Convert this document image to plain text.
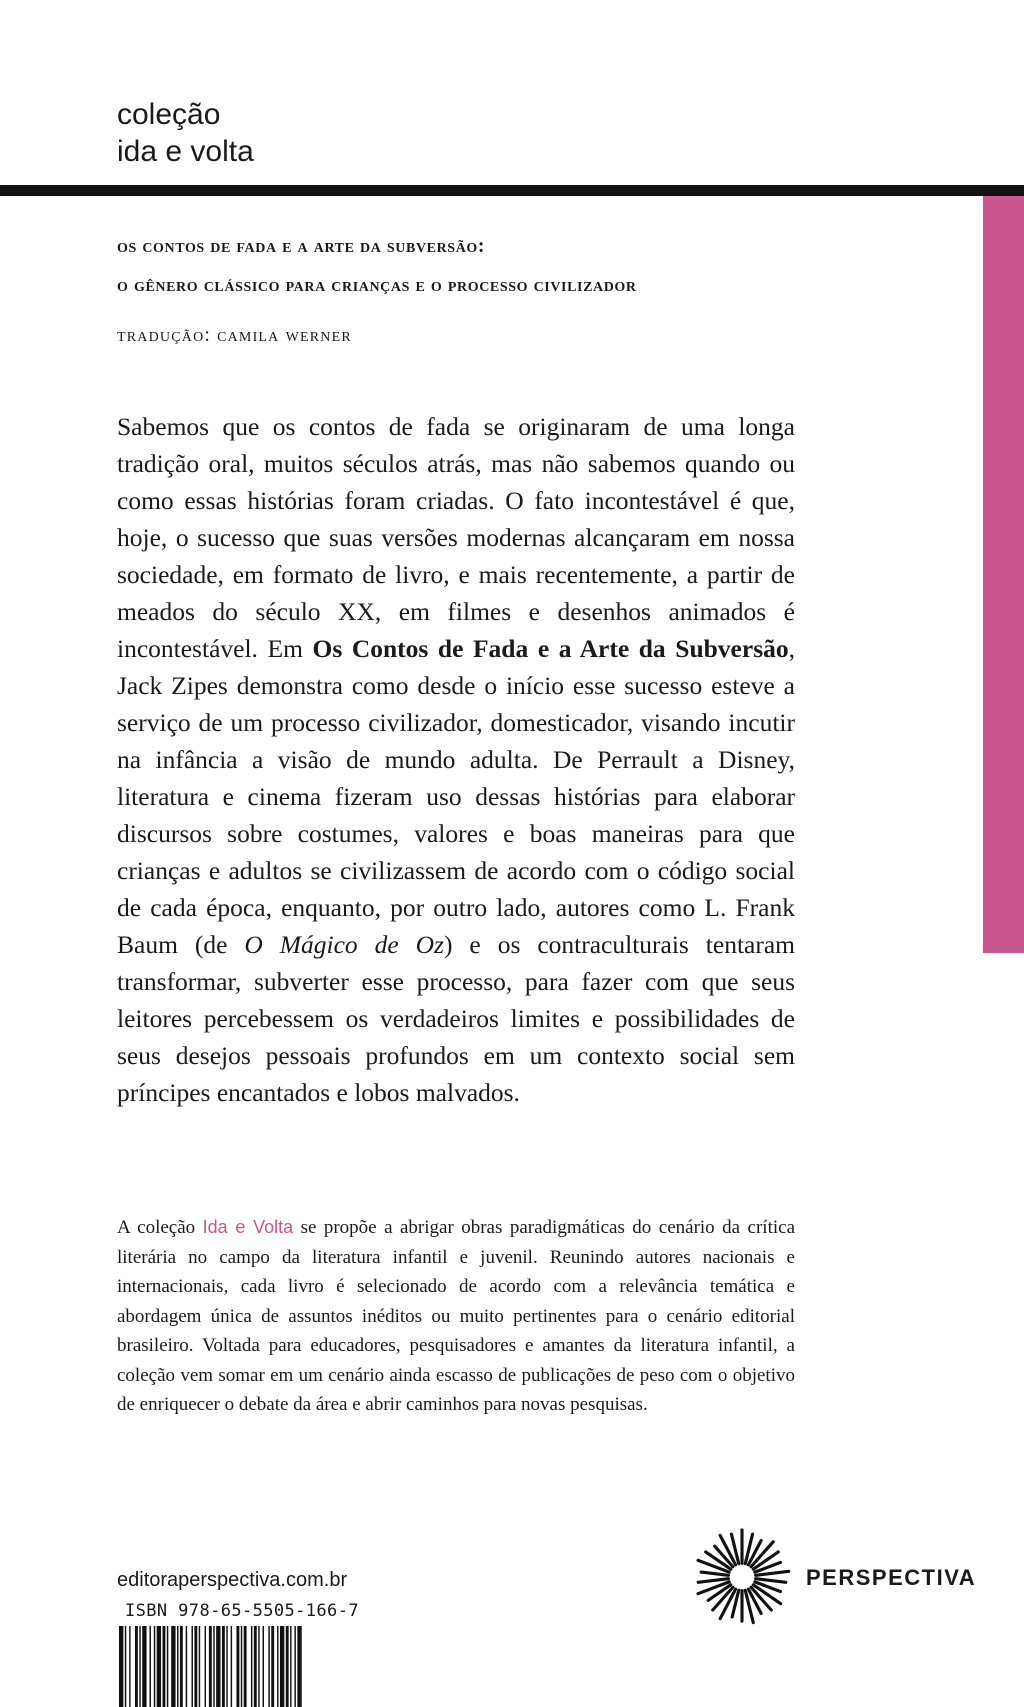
coleção
ida e volta
os contos de fada e a arte da subversão:
o gênero clássico para crianças e o processo civilizador
tradução: camila werner
Sabemos que os contos de fada se originaram de uma longa tradição oral, muitos séculos atrás, mas não sabemos quando ou como essas histórias foram criadas. O fato incontestável é que, hoje, o sucesso que suas versões modernas alcançaram em nossa sociedade, em formato de livro, e mais recentemente, a partir de meados do século XX, em filmes e desenhos animados é incontestável. Em Os Contos de Fada e a Arte da Subversão, Jack Zipes demonstra como desde o início esse sucesso esteve a serviço de um processo civilizador, domesticador, visando incutir na infância a visão de mundo adulta. De Perrault a Disney, literatura e cinema fizeram uso dessas histórias para elaborar discursos sobre costumes, valores e boas maneiras para que crianças e adultos se civilizassem de acordo com o código social de cada época, enquanto, por outro lado, autores como L. Frank Baum (de O Mágico de Oz) e os contraculturais tentaram transformar, subverter esse processo, para fazer com que seus leitores percebessem os verdadeiros limites e possibilidades de seus desejos pessoais profundos em um contexto social sem príncipes encantados e lobos malvados.
A coleção Ida e Volta se propõe a abrigar obras paradigmáticas do cenário da crítica literária no campo da literatura infantil e juvenil. Reunindo autores nacionais e internacionais, cada livro é selecionado de acordo com a relevância temática e abordagem única de assuntos inéditos ou muito pertinentes para o cenário editorial brasileiro. Voltada para educadores, pesquisadores e amantes da literatura infantil, a coleção vem somar em um cenário ainda escasso de publicações de peso com o objetivo de enriquecer o debate da área e abrir caminhos para novas pesquisas.
editoraperspectiva.com.br
ISBN 978-65-5505-166-7
PERSPECTIVA
